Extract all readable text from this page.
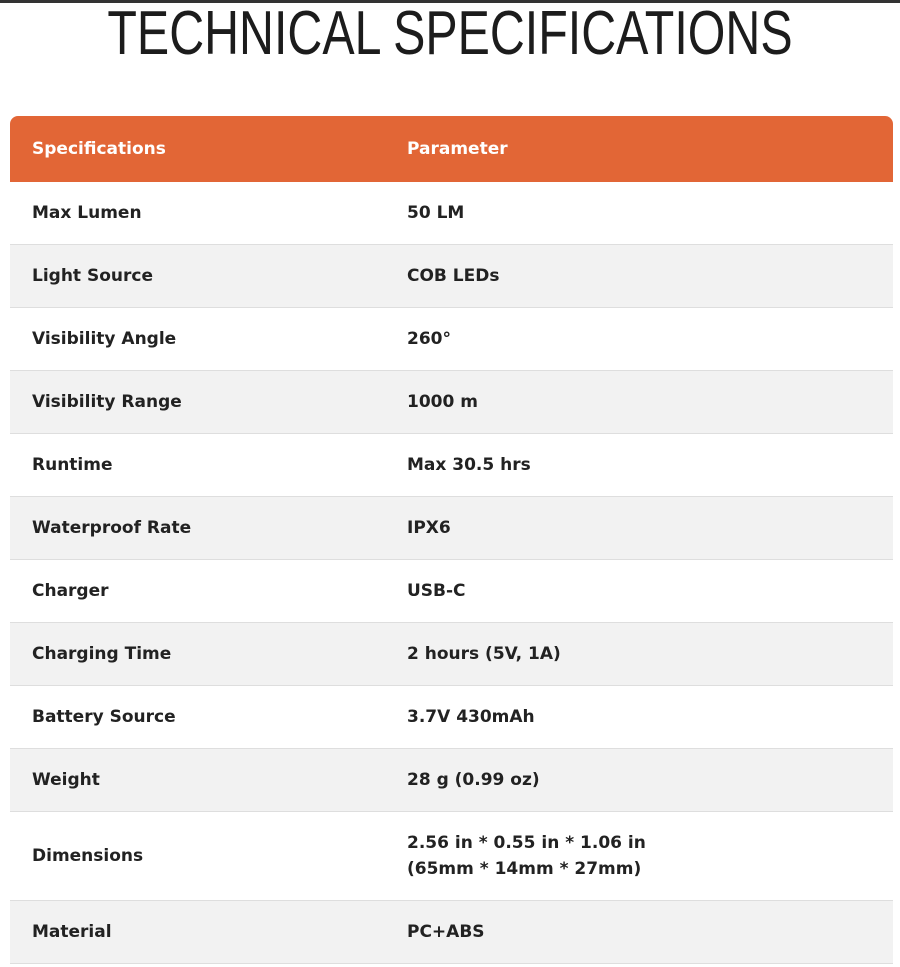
TECHNICAL SPECIFICATIONS
Specifications	Parameter
Max Lumen	50 LM
Light Source	COB LEDs
Visibility Angle	260°
Visibility Range	1000 m
Runtime	Max 30.5 hrs
Waterproof Rate	IPX6
Charger	USB-C
Charging Time	2 hours (5V, 1A)
Battery Source	3.7V 430mAh
Weight	28 g (0.99 oz)
Dimensions	2.56 in * 0.55 in * 1.06 in
(65mm * 14mm * 27mm)

Material	PC+ABS
